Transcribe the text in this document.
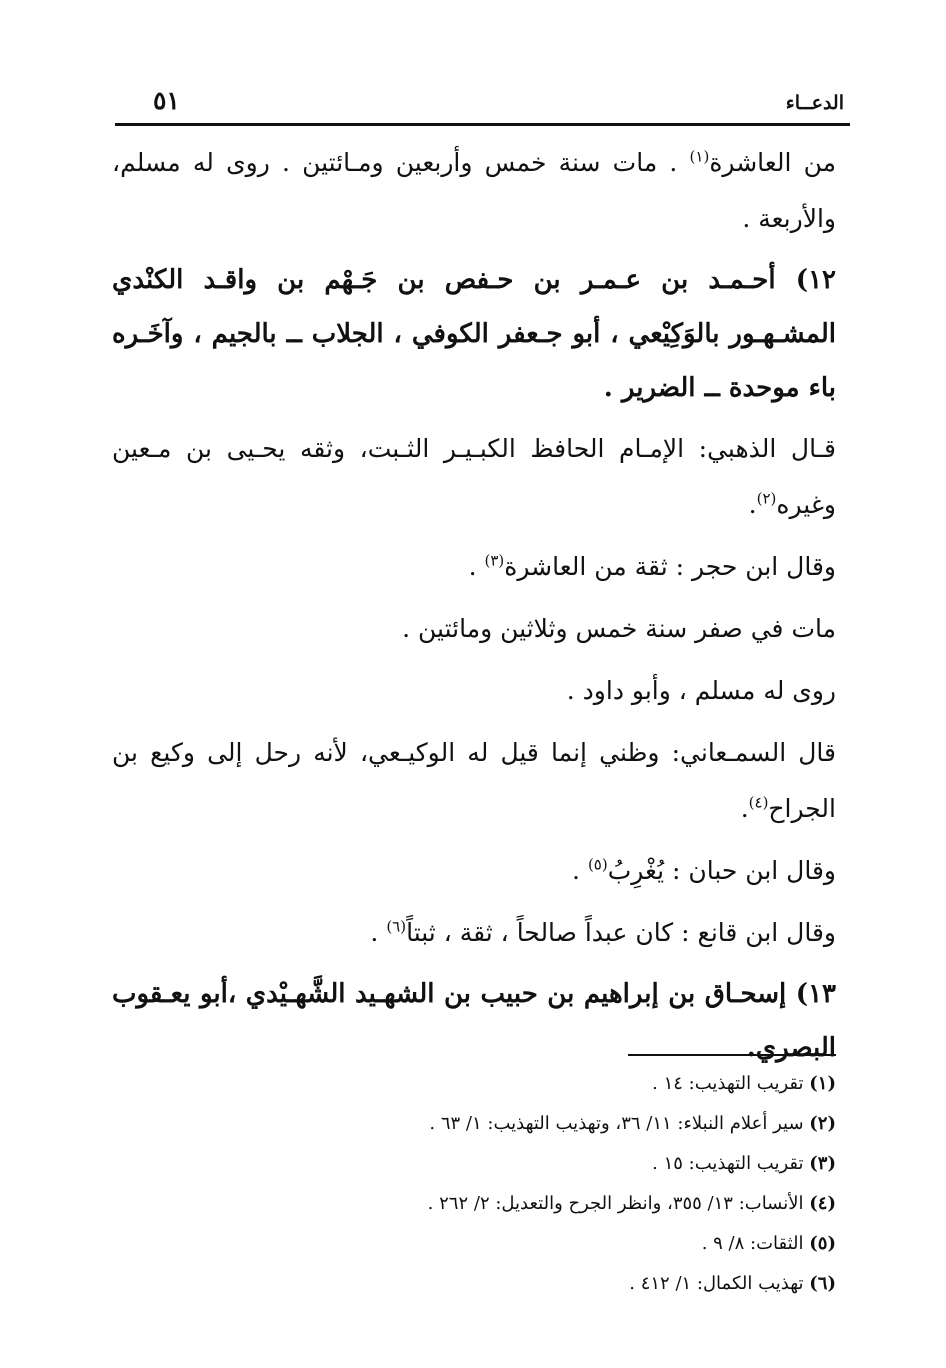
الدعــاء
٥١

من العاشرة$^{(١)}$ . مات سنة خمس وأربعين ومـائتين . روى له مسلم، والأربعة .

١٢) أحـمـد بن عـمـر بن حـفص بن جَـهْم بن واقـد الكنْدي المشـهـور بالوَكِيْعي ، أبو جـعفر الكوفي ، الجلاب ــ بالجيم ، وآخَـره باء موحدة ــ الضرير .

قـال الذهبي: الإمـام الحافظ الكبـيـر الثـبت، وثقه يحـيى بن مـعين وغيره$^{(٢)}$.

وقال ابن حجر : ثقة من العاشرة$^{(٣)}$ .

مات في صفر سنة خمس وثلاثين ومائتين .

روى له مسلم ، وأبو داود .

قال السمـعاني: وظني إنما قيل له الوكيـعي، لأنه رحل إلى وكيع بن الجراح$^{(٤)}$.

وقال ابن حبان : يُغْرِبُ$^{(٥)}$ .

وقال ابن قانع : كان عبداً صالحاً ، ثقة ، ثبتاً$^{(٦)}$ .

١٣) إسحـاق بن إبراهيم بن حبيب بن الشهـيد الشَّهـيْدي ،أبو يعـقوب البصري.

(١) تقريب التهذيب: ١٤ .

(٢) سير أعلام النبلاء: ١١/ ٣٦، وتهذيب التهذيب: ١/ ٦٣ .

(٣) تقريب التهذيب: ١٥ .

(٤) الأنساب: ١٣/ ٣٥٥، وانظر الجرح والتعديل: ٢/ ٢٦٢ .

(٥) الثقات: ٨/ ٩ .

(٦) تهذيب الكمال: ١/ ٤١٢ .
